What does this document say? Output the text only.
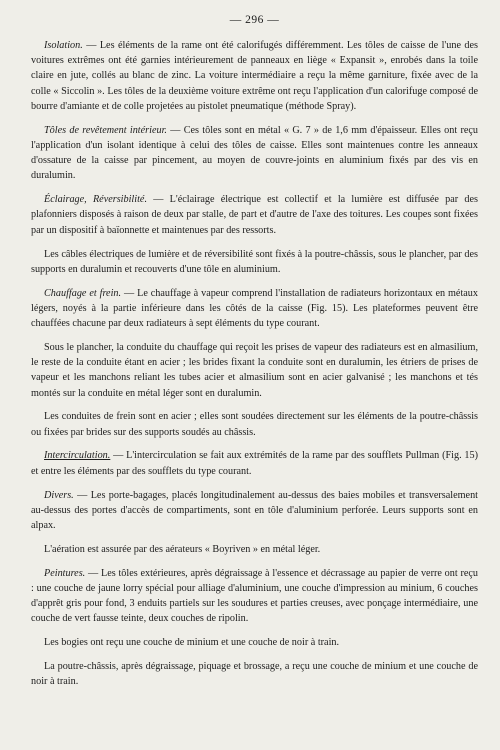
— 296 —

Isolation. — Les éléments de la rame ont été calorifugés différemment. Les tôles de caisse de l'une des voitures extrêmes ont été garnies intérieurement de panneaux en liège « Expansit », enrobés dans la toile claire en jute, collés au blanc de zinc. La voiture intermédiaire a reçu la même garniture, fixée avec de la colle « Siccolin ». Les tôles de la deuxième voiture extrême ont reçu l'application d'un calorifuge composé de bourre d'amiante et de colle projetées au pistolet pneumatique (méthode Spray).

Tôles de revêtement intérieur. — Ces tôles sont en métal « G. 7 » de 1,6 mm d'épaisseur. Elles ont reçu l'application d'un isolant identique à celui des tôles de caisse. Elles sont maintenues contre les anneaux d'ossature de la caisse par pincement, au moyen de couvre-joints en aluminium fixés par des vis en duralumin.

Éclairage, Réversibilité. — L'éclairage électrique est collectif et la lumière est diffusée par des plafonniers disposés à raison de deux par stalle, de part et d'autre de l'axe des toitures. Les coupes sont fixées par un dispositif à baïonnette et maintenues par des ressorts.

Les câbles électriques de lumière et de réversibilité sont fixés à la poutre-châssis, sous le plancher, par des supports en duralumin et recouverts d'une tôle en aluminium.

Chauffage et frein. — Le chauffage à vapeur comprend l'installation de radiateurs horizontaux en métaux légers, noyés à la partie inférieure dans les côtés de la caisse (Fig. 15). Les plateformes peuvent être chauffées chacune par deux radiateurs à sept éléments du type courant.

Sous le plancher, la conduite du chauffage qui reçoit les prises de vapeur des radiateurs est en almasilium, le reste de la conduite étant en acier ; les brides fixant la conduite sont en duralumin, les étriers de prises de vapeur et les manchons reliant les tubes acier et almasilium sont en acier galvanisé ; les manchons et tés montés sur la conduite en métal léger sont en duralumin.

Les conduites de frein sont en acier ; elles sont soudées directement sur les éléments de la poutre-châssis ou fixées par brides sur des supports soudés au châssis.

Intercirculation. — L'intercirculation se fait aux extrémités de la rame par des soufflets Pullman (Fig. 15) et entre les éléments par des soufflets du type courant.

Divers. — Les porte-bagages, placés longitudinalement au-dessus des baies mobiles et transversalement au-dessus des portes d'accès de compartiments, sont en tôle d'aluminium perforée. Leurs supports sont en alpax.

L'aération est assurée par des aérateurs « Boyriven » en métal léger.

Peintures. — Les tôles extérieures, après dégraissage à l'essence et décrassage au papier de verre ont reçu : une couche de jaune lorry spécial pour alliage d'aluminium, une couche d'impression au minium, 6 couches d'apprêt gris pour fond, 3 enduits partiels sur les soudures et parties creuses, avec ponçage intermédiaire, une couche de vert fausse teinte, deux couches de ripolin.

Les bogies ont reçu une couche de minium et une couche de noir à train.

La poutre-châssis, après dégraissage, piquage et brossage, a reçu une couche de minium et une couche de noir à train.
